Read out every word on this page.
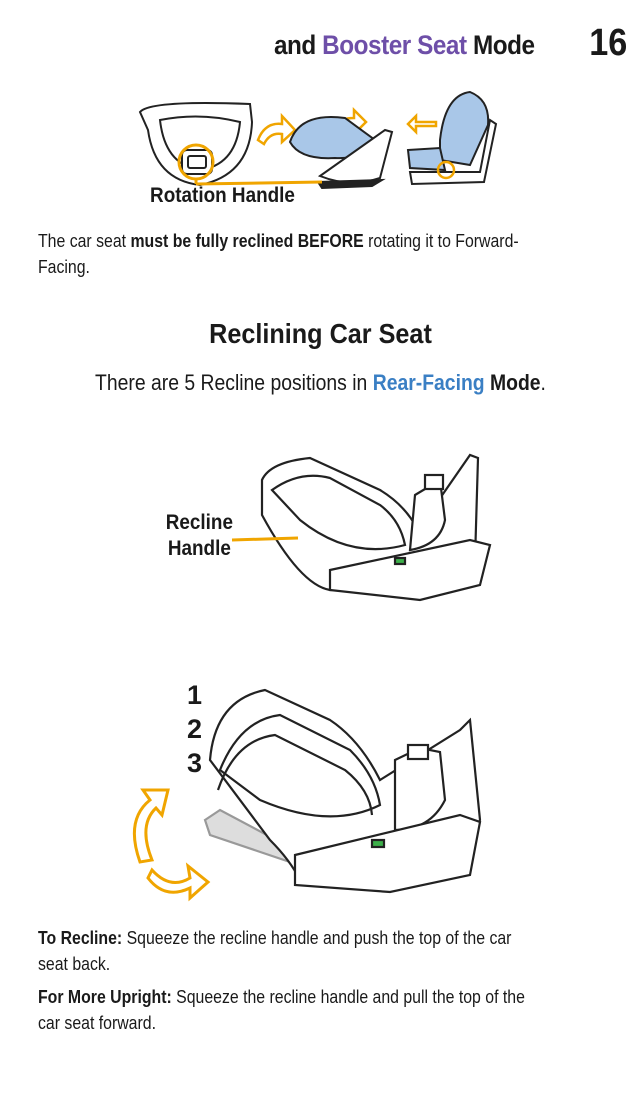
and Booster Seat Mode 16
Rotation Handle
The car seat must be fully reclined BEFORE rotating it to Forward-Facing.
Reclining Car Seat
There are 5 Recline positions in Rear-Facing Mode.
Recline
Handle
1
2
3
To Recline: Squeeze the recline handle and push the top of the car seat back.
For More Upright: Squeeze the recline handle and pull the top of the car seat forward.
